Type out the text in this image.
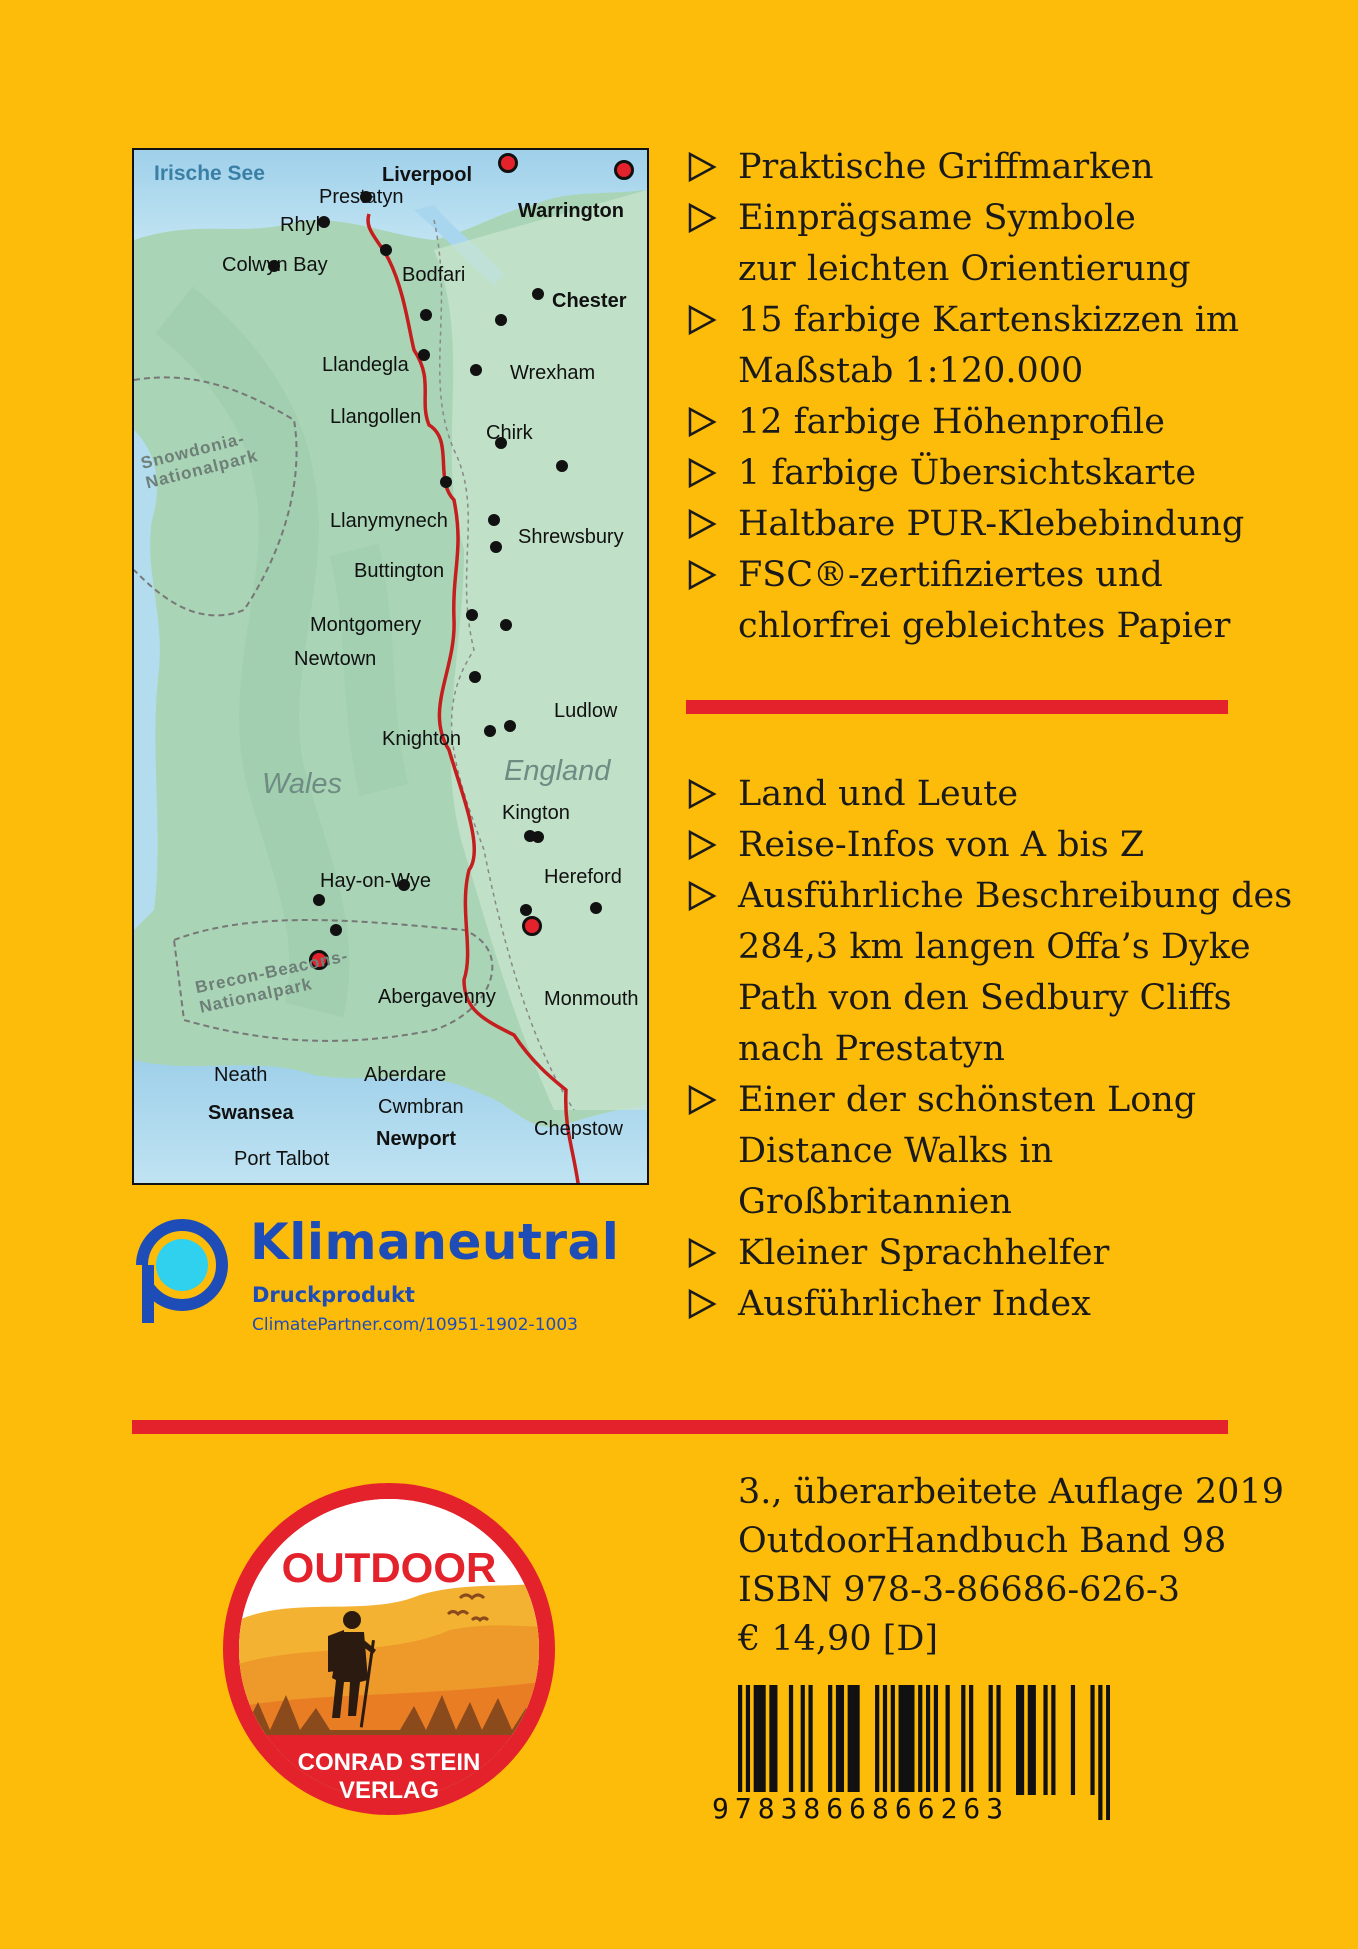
Irische See
Wales	England
Snowdonia-
Nationalpark
Brecon-Beacons-
Nationalpark
Liverpool
Warrington
Prestatyn
Rhyl
Colwyn Bay	Bodfari
Chester
Llandegla	Wrexham
Llangollen
Chirk
Llanymynech
Shrewsbury
Buttington
Montgomery
Newtown
Ludlow
Knighton
Kington
Hereford
Hay-on-Wye
Abergavenny Monmouth
Neath	Aberdare
Swansea	Cwmbran
Chepstow
Newport
Port Talbot
Praktische Griffmarken
Einprägsame Symbole
zur leichten Orientierung
15 farbige Kartenskizzen im
Maßstab 1:120.000
12 farbige Höhenprofile
1 farbige Übersichtskarte
Haltbare PUR-Klebebindung
FSC®-zertifiziertes und
chlorfrei gebleichtes Papier
Land und Leute
Reise-Infos von A bis Z
Ausführliche Beschreibung des
284,3 km langen Offa’s Dyke
Path von den Sedbury Cliffs
nach Prestatyn
Einer der schönsten Long
Distance Walks in
Großbritannien
Kleiner Sprachhelfer
Ausführlicher Index
Klimaneutral
Druckprodukt
ClimatePartner.com/10951-1902-1003
OUTDOOR
CONRAD STEIN
VERLAG
3., überarbeitete Auflage 2019
OutdoorHandbuch Band 98
ISBN 978-3-86686-626-3
€ 14,90 [D]
9783866866263
